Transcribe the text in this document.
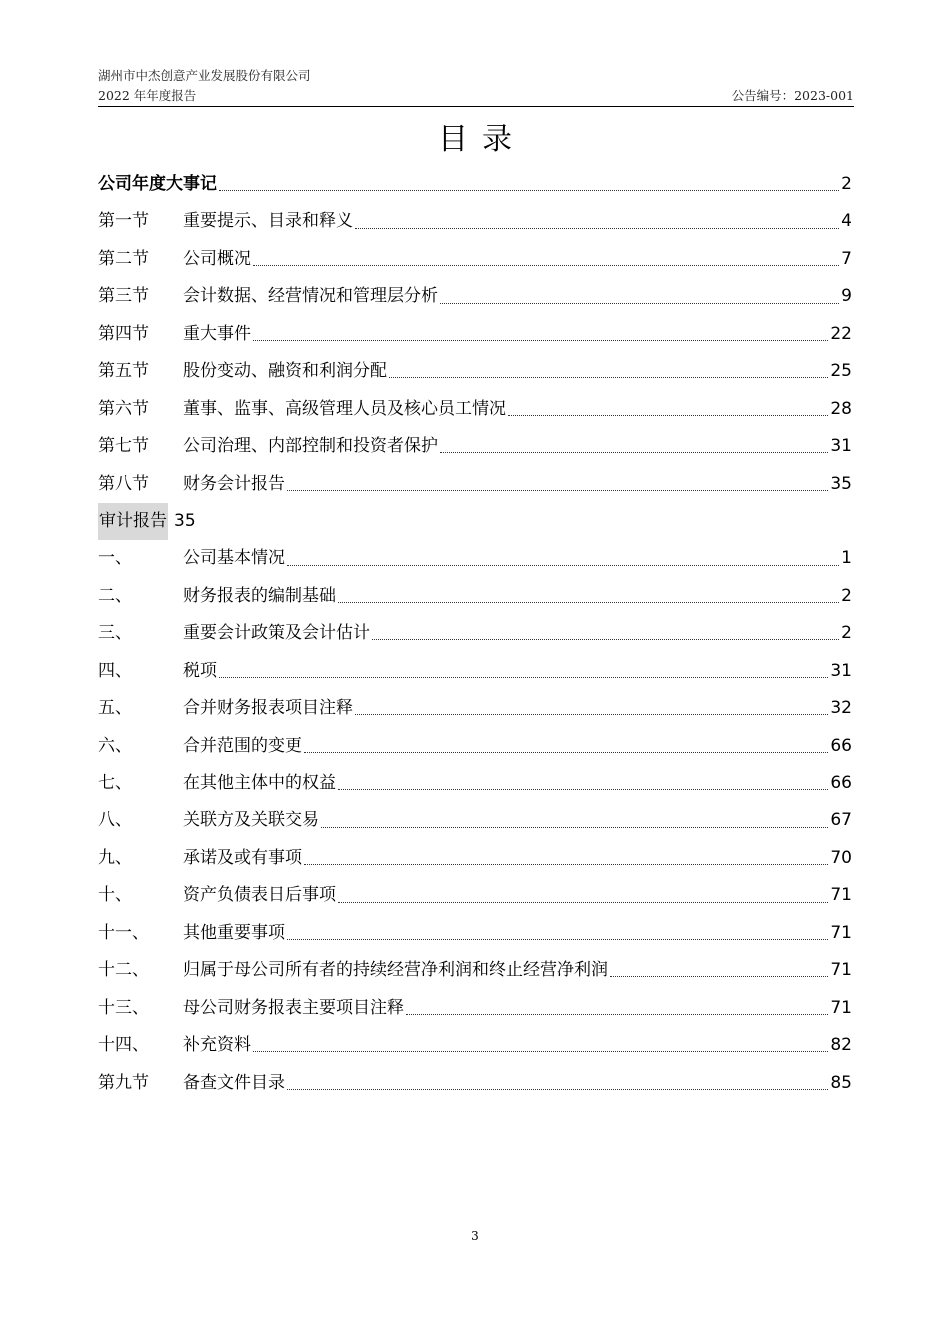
湖州市中杰创意产业发展股份有限公司
2022 年年度报告	公告编号：2023-001
目录
公司年度大事记	2
第一节	重要提示、目录和释义	4
第二节	公司概况	7
第三节	会计数据、经营情况和管理层分析	9
第四节	重大事件	22
第五节	股份变动、融资和利润分配	25
第六节	董事、监事、高级管理人员及核心员工情况	28
第七节	公司治理、内部控制和投资者保护	31
第八节	财务会计报告	35
审计报告 35
一、	公司基本情况	1
二、	财务报表的编制基础	2
三、	重要会计政策及会计估计	2
四、	税项	31
五、	合并财务报表项目注释	32
六、	合并范围的变更	66
七、	在其他主体中的权益	66
八、	关联方及关联交易	67
九、	承诺及或有事项	70
十、	资产负债表日后事项	71
十一、	其他重要事项	71
十二、	归属于母公司所有者的持续经营净利润和终止经营净利润	71
十三、	母公司财务报表主要项目注释	71
十四、	补充资料	82
第九节	备查文件目录	85
3
